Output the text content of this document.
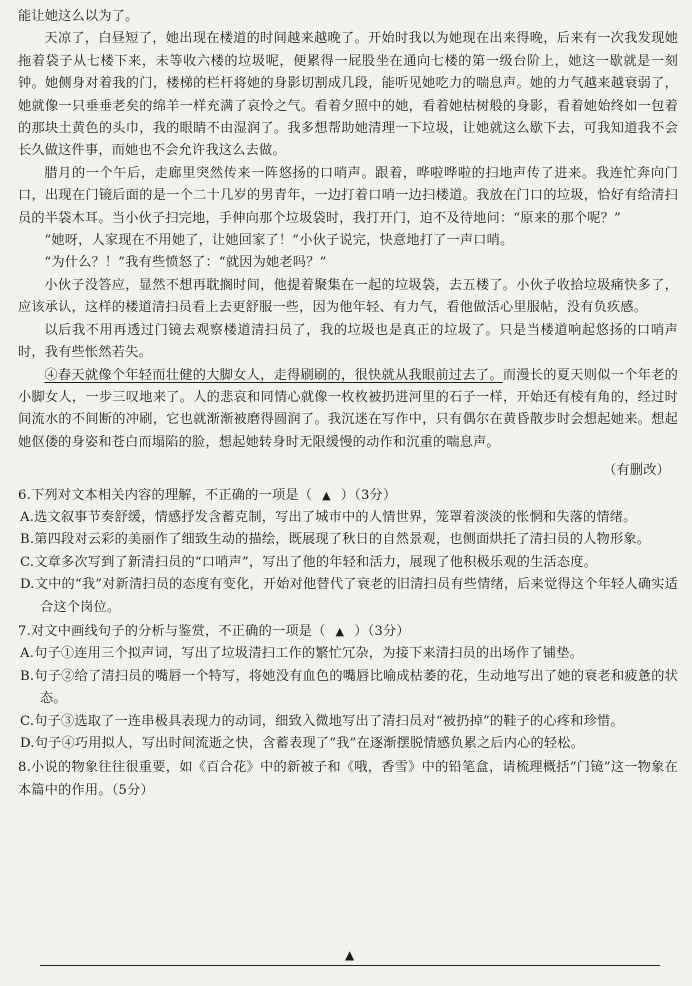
能让她这么以为了。

天凉了，白昼短了，她出现在楼道的时间越来越晚了。开始时我以为她现在出来得晚，后来有一次我发现她拖着袋子从七楼下来，未等收六楼的垃圾呢，便累得一屁股坐在通向七楼的第一级台阶上，她这一歇就是一刻钟。她侧身对着我的门，楼梯的栏杆将她的身影切割成几段，能听见她吃力的喘息声。她的力气越来越衰弱了，她就像一只垂垂老矣的绵羊一样充满了哀怜之气。看着夕照中的她，看着她枯树般的身影，看着她始终如一包着的那块土黄色的头巾，我的眼睛不由湿润了。我多想帮助她清理一下垃圾，让她就这么歇下去，可我知道我不会长久做这件事，而她也不会允许我这么去做。

腊月的一个午后，走廊里突然传来一阵悠扬的口哨声。跟着，哗啦哗啦的扫地声传了进来。我连忙奔向门口，出现在门镜后面的是一个二十几岁的男青年，一边打着口哨一边扫楼道。我放在门口的垃圾，恰好有给清扫员的半袋木耳。当小伙子扫完地，手伸向那个垃圾袋时，我打开门，迫不及待地问：“原来的那个呢？”

“她呀，人家现在不用她了，让她回家了！”小伙子说完，快意地打了一声口哨。

“为什么？！”我有些愤怒了：“就因为她老吗？”

小伙子没答应，显然不想再耽搁时间，他提着聚集在一起的垃圾袋，去五楼了。小伙子收拾垃圾痛快多了，应该承认，这样的楼道清扫员看上去更舒服一些，因为他年轻、有力气，看他做活心里服帖，没有负疚感。

以后我不用再透过门镜去观察楼道清扫员了，我的垃圾也是真正的垃圾了。只是当楼道响起悠扬的口哨声时，我有些怅然若失。

④春天就像个年轻而壮健的大脚女人，走得刷刷的，很快就从我眼前过去了。而漫长的夏天则似一个年老的小脚女人，一步三叹地来了。人的悲哀和同情心就像一枚枚被扔进河里的石子一样，开始还有棱有角的，经过时间流水的不间断的冲刷，它也就渐渐被磨得圆润了。我沉迷在写作中，只有偶尔在黄昏散步时会想起她来。想起她伛偻的身姿和苍白而塌陷的脸，想起她转身时无限缓慢的动作和沉重的喘息声。

（有删改）

6.下列对文本相关内容的理解，不正确的一项是（ ▲ ）（3分）

A.选文叙事节奏舒缓，情感抒发含蓄克制，写出了城市中的人情世界，笼罩着淡淡的怅惘和失落的情绪。

B.第四段对云彩的美丽作了细致生动的描绘，既展现了秋日的自然景观，也侧面烘托了清扫员的人物形象。

C.文章多次写到了新清扫员的“口哨声”，写出了他的年轻和活力，展现了他积极乐观的生活态度。

D.文中的“我”对新清扫员的态度有变化，开始对他替代了衰老的旧清扫员有些情绪，后来觉得这个年轻人确实适合这个岗位。

7.对文中画线句子的分析与鉴赏，不正确的一项是（ ▲ ）（3分）

A.句子①连用三个拟声词，写出了垃圾清扫工作的繁忙冗杂，为接下来清扫员的出场作了铺垫。

B.句子②给了清扫员的嘴唇一个特写，将她没有血色的嘴唇比喻成枯萎的花，生动地写出了她的衰老和疲惫的状态。

C.句子③选取了一连串极具表现力的动词，细致入微地写出了清扫员对“被扔掉”的鞋子的心疼和珍惜。

D.句子④巧用拟人，写出时间流逝之快，含蓄表现了“我”在逐渐摆脱情感负累之后内心的轻松。

8.小说的物象往往很重要，如《百合花》中的新被子和《哦，香雪》中的铅笔盒，请梳理概括“门镜”这一物象在本篇中的作用。（5分）

▲
